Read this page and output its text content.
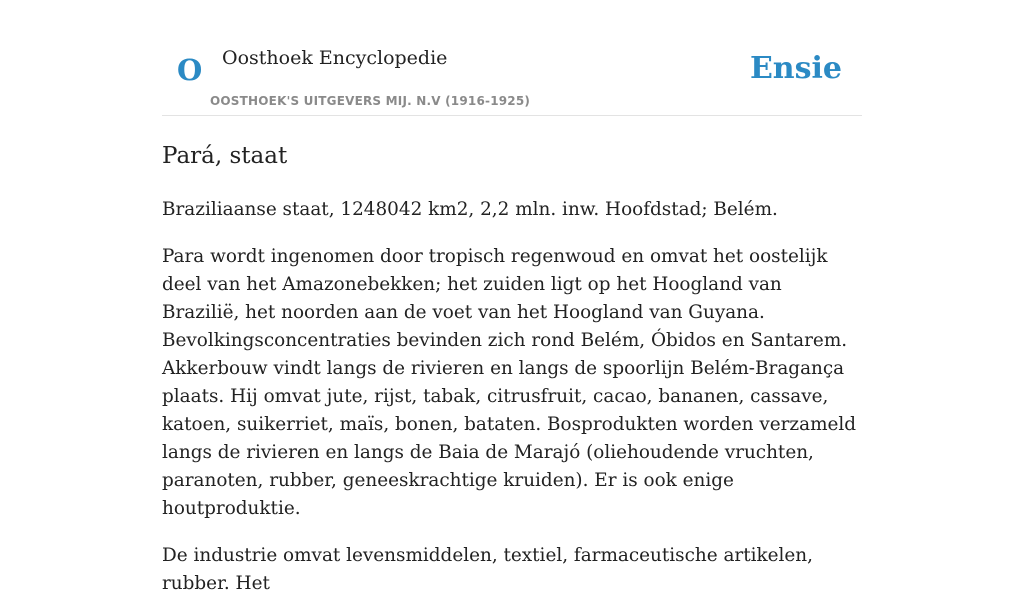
O Oosthoek Encyclopedie
OOSTHOEK'S UITGEVERS MIJ. N.V (1916-1925)
Ensie
Pará, staat

Braziliaanse staat, 1248042 km2, 2,2 mln. inw. Hoofdstad; Belém.

Para wordt ingenomen door tropisch regenwoud en omvat het oostelijk deel van het Amazonebekken; het zuiden ligt op het Hoogland van Brazilië, het noorden aan de voet van het Hoogland van Guyana. Bevolkingsconcentraties bevinden zich rond Belém, Óbidos en Santarem. Akkerbouw vindt langs de rivieren en langs de spoorlijn Belém-Bragança plaats. Hij omvat jute, rijst, tabak, citrusfruit, cacao, bananen, cassave, katoen, suikerriet, maïs, bonen, bataten. Bosprodukten worden verzameld langs de rivieren en langs de Baia de Marajó (oliehoudende vruchten, paranoten, rubber, geneeskrachtige kruiden). Er is ook enige houtproduktie.

De industrie omvat levensmiddelen, textiel, farmaceutische artikelen, rubber. Het
